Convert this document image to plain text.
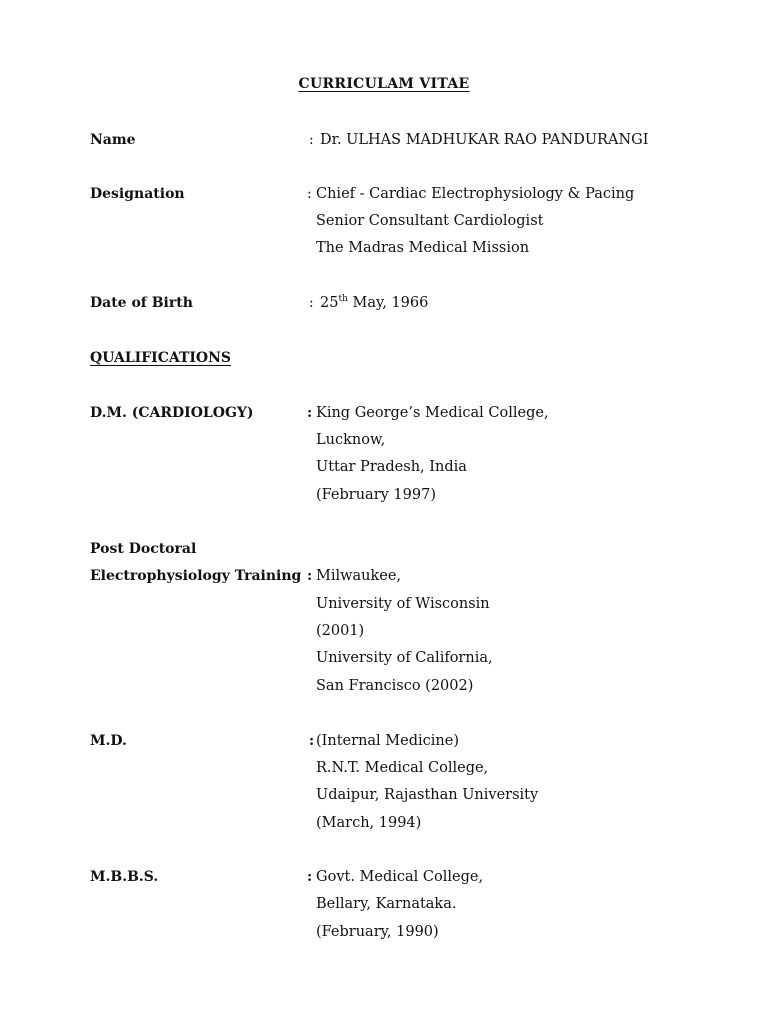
CURRICULAM VITAE
Name	: Dr. ULHAS MADHUKAR RAO PANDURANGI
Designation	: Chief - Cardiac Electrophysiology & Pacing
Senior Consultant Cardiologist
The Madras Medical Mission
Date of Birth	: 25th May, 1966
QUALIFICATIONS
D.M. (CARDIOLOGY)	: King George’s Medical College,
Lucknow,
Uttar Pradesh, India
(February 1997)
Post Doctoral
Electrophysiology Training : Milwaukee,
University of Wisconsin
(2001)
University of California,
San Francisco (2002)
M.D.	: (Internal Medicine)
R.N.T. Medical College,
Udaipur, Rajasthan University
(March, 1994)
M.B.B.S.	: Govt. Medical College,
Bellary, Karnataka.
(February, 1990)
